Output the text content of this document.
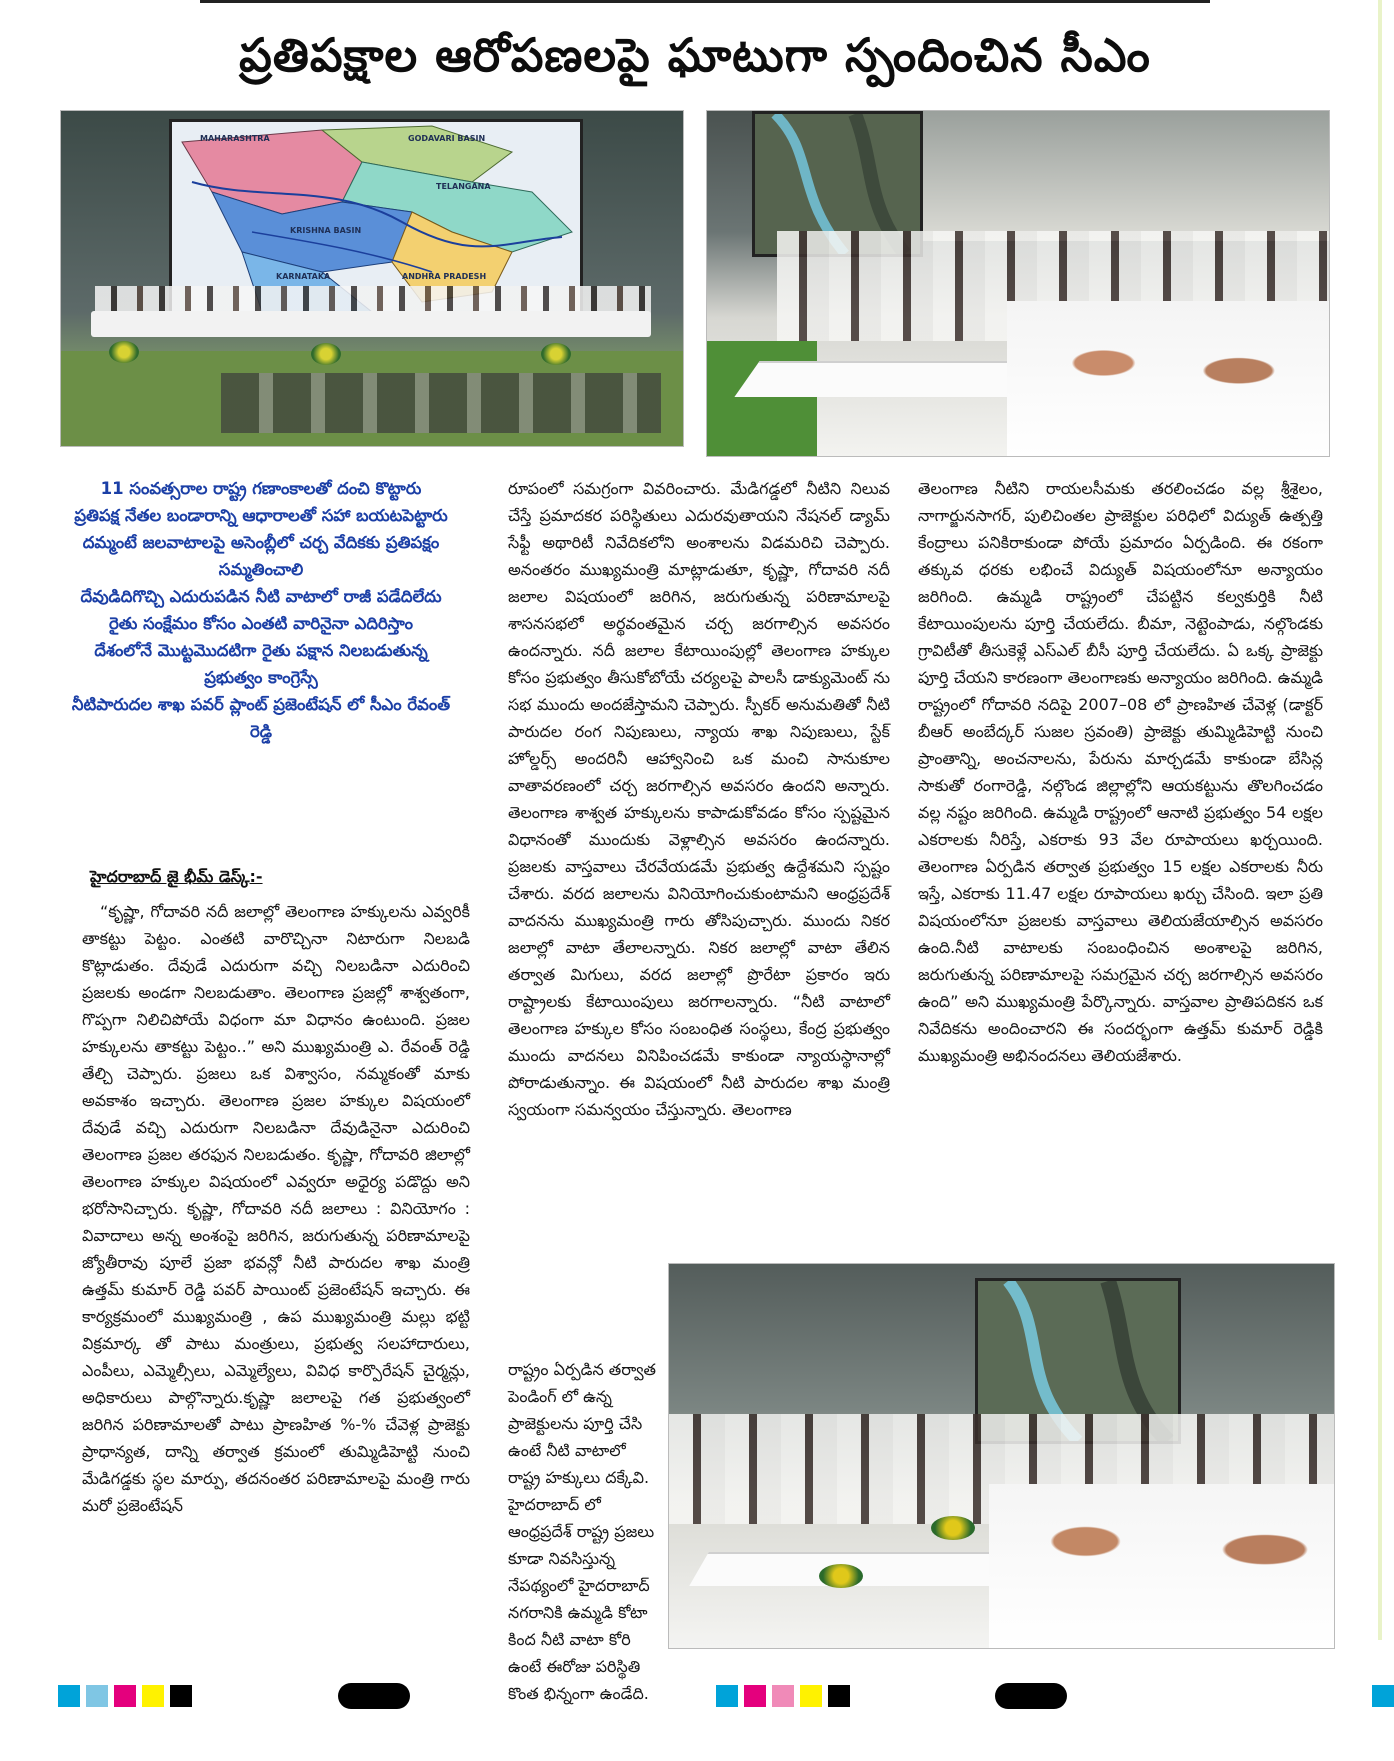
ప్రతిపక్షాల ఆరోపణలపై ఘాటుగా స్పందించిన సీఎం
MAHARASHTRA	GODAVARI BASIN
TELANGANA
KRISHNA BASIN
KARNATAKA	ANDHRA PRADESH

11 సంవత్సరాల రాష్ట్ర గణాంకాలతో దంచి కొట్టారు

ప్రతిపక్ష నేతల బండారాన్ని ఆధారాలతో సహా బయటపెట్టారు

దమ్మంటే జలవాటాలపై అసెంబ్లీలో చర్చ వేదికకు ప్రతిపక్షం సమ్మతించాలి

దేవుడిదిగొచ్చి ఎదురుపడిన నీటి వాటాలో రాజీ పడేదిలేదు

రైతు సంక్షేమం కోసం ఎంతటి వారినైనా ఎదిరిస్తాం

దేశంలోనే మొట్టమొదటిగా రైతు పక్షాన నిలబడుతున్న ప్రభుత్వం కాంగ్రెస్సే

నీటిపారుదల శాఖ పవర్ ప్లాంట్ ప్రజెంటేషన్ లో సీఎం రేవంత్ రెడ్డి

హైదరాబాద్ జై భీమ్ డెస్క్:-

“కృష్ణా, గోదావరి నదీ జలాల్లో తెలంగాణ హక్కులను ఎవ్వరికీ తాకట్టు పెట్టం. ఎంతటి వారొచ్చినా నిటారుగా నిలబడి కొట్లాడుతం. దేవుడే ఎదురుగా వచ్చి నిలబడినా ఎదురించి ప్రజలకు అండగా నిలబడుతాం. తెలంగాణ ప్రజల్లో శాశ్వతంగా, గొప్పగా నిలిచిపోయే విధంగా మా విధానం ఉంటుంది. ప్రజల హక్కులను తాకట్టు పెట్టం..” అని ముఖ్యమంత్రి ఎ. రేవంత్ రెడ్డి తేల్చి చెప్పారు. ప్రజలు ఒక విశ్వాసం, నమ్మకంతో మాకు అవకాశం ఇచ్చారు. తెలంగాణ ప్రజల హక్కుల విషయంలో దేవుడే వచ్చి ఎదురుగా నిలబడినా దేవుడినైనా ఎదురించి తెలంగాణ ప్రజల తరఫున నిలబడుతం. కృష్ణా, గోదావరి జిలాల్లో తెలంగాణ హక్కుల విషయంలో ఎవ్వరూ అధైర్య పడొద్దు అని భరోసానిచ్చారు. కృష్ణా, గోదావరి నదీ జలాలు : వినియోగం : వివాదాలు అన్న అంశంపై జరిగిన, జరుగుతున్న పరిణామాలపై జ్యోతీరావు పూలే ప్రజా భవన్లో నీటి పారుదల శాఖ మంత్రి ఉత్తమ్ కుమార్ రెడ్డి పవర్ పాయింట్ ప్రజెంటేషన్ ఇచ్చారు. ఈ కార్యక్రమంలో ముఖ్యమంత్రి , ఉప ముఖ్యమంత్రి మల్లు భట్టి విక్రమార్క తో పాటు మంత్రులు, ప్రభుత్వ సలహాదారులు, ఎంపీలు, ఎమ్మెల్సీలు, ఎమ్మెల్యేలు, వివిధ కార్పొరేషన్ చైర్మన్లు, అధికారులు పాల్గొన్నారు.కృష్ణా జలాలపై గత ప్రభుత్వంలో జరిగిన పరిణామాలతో పాటు ప్రాణహిత %-% చేవెళ్ల ప్రాజెక్టు ప్రాధాన్యత, దాన్ని తర్వాత క్రమంలో తుమ్మిడిహెట్టి నుంచి మేడిగడ్డకు స్థల మార్పు, తదనంతర పరిణామాలపై మంత్రి గారు మరో ప్రజెంటేషన్

రూపంలో సమగ్రంగా వివరించారు. మేడిగడ్డలో నీటిని నిలువ చేస్తే ప్రమాదకర పరిస్థితులు ఎదురవుతాయని నేషనల్ డ్యామ్ సేఫ్టీ అథారిటీ నివేదికలోని అంశాలను విడమరిచి చెప్పారు. అనంతరం ముఖ్యమంత్రి మాట్లాడుతూ, కృష్ణా, గోదావరి నదీ జలాల విషయంలో జరిగిన, జరుగుతున్న పరిణామాలపై శాసనసభలో అర్థవంతమైన చర్చ జరగాల్సిన అవసరం ఉందన్నారు. నదీ జలాల కేటాయింపుల్లో తెలంగాణ హక్కుల కోసం ప్రభుత్వం తీసుకోబోయే చర్యలపై పాలసీ డాక్యుమెంట్ ను సభ ముందు అందజేస్తామని చెప్పారు. స్పీకర్ అనుమతితో నీటి పారుదల రంగ నిపుణులు, న్యాయ శాఖ నిపుణులు, స్టేక్ హోల్డర్స్ అందరినీ ఆహ్వానించి ఒక మంచి సానుకూల వాతావరణంలో చర్చ జరగాల్సిన అవసరం ఉందని అన్నారు. తెలంగాణ శాశ్వత హక్కులను కాపాడుకోవడం కోసం స్పష్టమైన విధానంతో ముందుకు వెళ్లాల్సిన అవసరం ఉందన్నారు. ప్రజలకు వాస్తవాలు చేరవేయడమే ప్రభుత్వ ఉద్దేశమని స్పష్టం చేశారు. వరద జలాలను వినియోగించుకుంటామని ఆంధ్రప్రదేశ్ వాదనను ముఖ్యమంత్రి గారు తోసిపుచ్చారు. ముందు నికర జలాల్లో వాటా తేలాలన్నారు. నికర జలాల్లో వాటా తేలిన తర్వాత మిగులు, వరద జలాల్లో ప్రొరేటా ప్రకారం ఇరు రాష్ట్రాలకు కేటాయింపులు జరగాలన్నారు. “నీటి వాటాలో తెలంగాణ హక్కుల కోసం సంబంధిత సంస్థలు, కేంద్ర ప్రభుత్వం ముందు వాదనలు వినిపించడమే కాకుండా న్యాయస్థానాల్లో పోరాడుతున్నాం. ఈ విషయంలో నీటి పారుదల శాఖ మంత్రి స్వయంగా సమన్వయం చేస్తున్నారు. తెలంగాణ

రాష్ట్రం ఏర్పడిన తర్వాత పెండింగ్ లో ఉన్న ప్రాజెక్టులను పూర్తి చేసి ఉంటే నీటి వాటాలో రాష్ట్ర హక్కులు దక్కేవి. హైదరాబాద్ లో ఆంధ్రప్రదేశ్ రాష్ట్ర ప్రజలు కూడా నివసిస్తున్న నేపథ్యంలో హైదరాబాద్ నగరానికి ఉమ్మడి కోటా కింద నీటి వాటా కోరి ఉంటే ఈరోజు పరిస్థితి కొంత భిన్నంగా ఉండేది.

తెలంగాణ నీటిని రాయలసీమకు తరలించడం వల్ల శ్రీశైలం, నాగార్జునసాగర్, పులిచింతల ప్రాజెక్టుల పరిధిలో విద్యుత్ ఉత్పత్తి కేంద్రాలు పనికిరాకుండా పోయే ప్రమాదం ఏర్పడింది. ఈ రకంగా తక్కువ ధరకు లభించే విద్యుత్ విషయంలోనూ అన్యాయం జరిగింది. ఉమ్మడి రాష్ట్రంలో చేపట్టిన కల్వకుర్తికి నీటి కేటాయింపులను పూర్తి చేయలేదు. బీమా, నెట్టెంపాడు, నల్గొండకు గ్రావిటీతో తీసుకెళ్లే ఎస్ఎల్ బీసీ పూర్తి చేయలేదు. ఏ ఒక్క ప్రాజెక్టు పూర్తి చేయని కారణంగా తెలంగాణకు అన్యాయం జరిగింది. ఉమ్మడి రాష్ట్రంలో గోదావరి నదిపై 2007–08 లో ప్రాణహిత చేవెళ్ల (డాక్టర్ బీఆర్ అంబేద్కర్ సుజల స్రవంతి) ప్రాజెక్టు తుమ్మిడిహెట్టి నుంచి ప్రాంతాన్ని, అంచనాలను, పేరును మార్చడమే కాకుండా బేసిన్ల సాకుతో రంగారెడ్డి, నల్గొండ జిల్లాల్లోని ఆయకట్టును తొలగించడం వల్ల నష్టం జరిగింది. ఉమ్మడి రాష్ట్రంలో ఆనాటి ప్రభుత్వం 54 లక్షల ఎకరాలకు నీరిస్తే, ఎకరాకు 93 వేల రూపాయలు ఖర్చయింది. తెలంగాణ ఏర్పడిన తర్వాత ప్రభుత్వం 15 లక్షల ఎకరాలకు నీరు ఇస్తే, ఎకరాకు 11.47 లక్షల రూపాయలు ఖర్చు చేసింది. ఇలా ప్రతి విషయంలోనూ ప్రజలకు వాస్తవాలు తెలియజేయాల్సిన అవసరం ఉంది.నీటి వాటాలకు సంబంధించిన అంశాలపై జరిగిన, జరుగుతున్న పరిణామాలపై సమగ్రమైన చర్చ జరగాల్సిన అవసరం ఉంది” అని ముఖ్యమంత్రి పేర్కొన్నారు. వాస్తవాల ప్రాతిపదికన ఒక నివేదికను అందించారని ఈ సందర్భంగా ఉత్తమ్ కుమార్ రెడ్డికి ముఖ్యమంత్రి అభినందనలు తెలియజేశారు.
